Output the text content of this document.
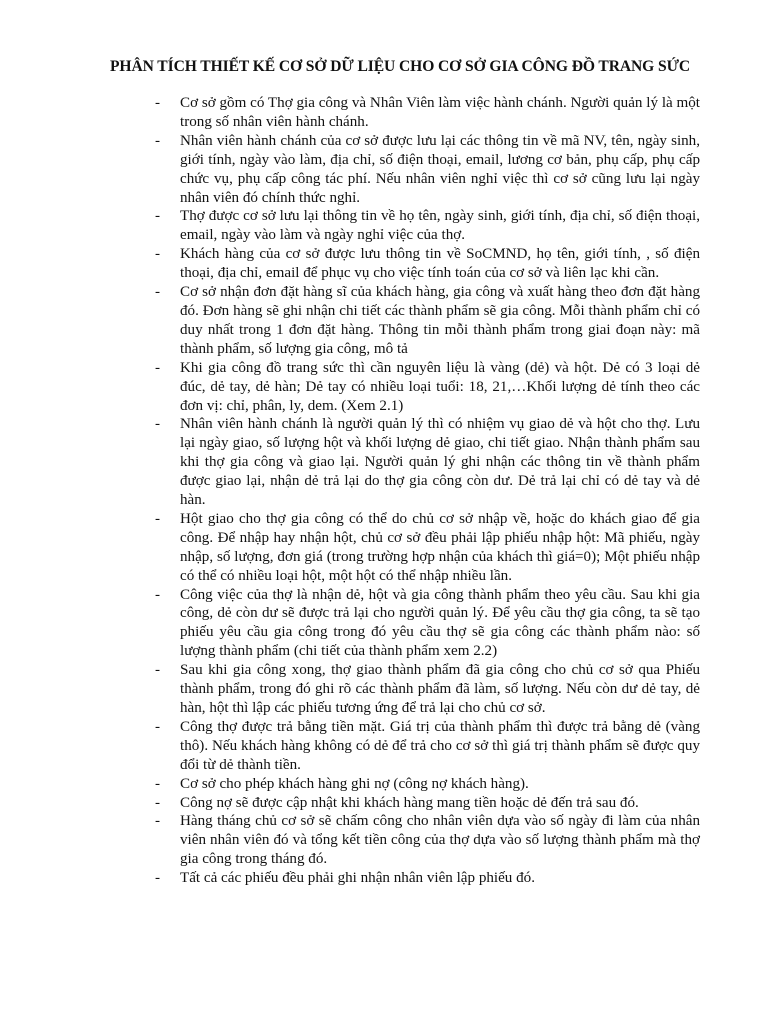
PHÂN TÍCH THIẾT KẾ CƠ SỞ DỮ LIỆU CHO CƠ SỞ GIA CÔNG ĐỒ TRANG SỨC
-	Cơ sở gồm có Thợ gia công và Nhân Viên làm việc hành chánh. Người quản lý là một trong số nhân viên hành chánh.
-	Nhân viên hành chánh của cơ sở được lưu lại các thông tin về mã NV, tên, ngày sinh, giới tính, ngày vào làm, địa chỉ, số điện thoại, email, lương cơ bản, phụ cấp, phụ cấp chức vụ, phụ cấp công tác phí. Nếu nhân viên nghỉ việc thì cơ sở cũng lưu lại ngày nhân viên đó chính thức nghỉ.
-	Thợ được cơ sở lưu lại thông tin về họ tên, ngày sinh, giới tính, địa chỉ, số điện thoại, email, ngày vào làm và ngày nghỉ việc của thợ.
-	Khách hàng của cơ sở được lưu thông tin về SoCMND, họ tên, giới tính, , số điện thoại, địa chỉ, email để phục vụ cho việc tính toán của cơ sở và liên lạc khi cần.
-	Cơ sở nhận đơn đặt hàng sĩ của khách hàng, gia công và xuất hàng theo đơn đặt hàng đó. Đơn hàng sẽ ghi nhận chi tiết các thành phẩm sẽ gia công. Mỗi thành phẩm chỉ có duy nhất trong 1 đơn đặt hàng. Thông tin mỗi thành phẩm trong giai đoạn này: mã thành phẩm, số lượng gia công, mô tả
-	Khi gia công đồ trang sức thì cần nguyên liệu là vàng (dẻ) và hột. Dẻ có 3 loại dẻ đúc, dẻ tay, dẻ hàn; Dẻ tay có nhiều loại tuổi: 18, 21,…Khối lượng dẻ tính theo các đơn vị: chỉ, phân, ly, dem. (Xem 2.1)
-	Nhân viên hành chánh là người quản lý thì có nhiệm vụ giao dẻ và hột cho thợ. Lưu lại ngày giao, số lượng hột và khối lượng dẻ giao, chi tiết giao. Nhận thành phẩm sau khi thợ gia công và giao lại. Người quản lý ghi nhận các thông tin về thành phẩm được giao lại, nhận dẻ trả lại do thợ gia công còn dư. Dẻ trả lại chỉ có dẻ tay và dẻ hàn.
-	Hột giao cho thợ gia công có thể do chủ cơ sở nhập về, hoặc do khách giao để gia công. Để nhập hay nhận hột, chủ cơ sở đều phải lập phiếu nhập hột: Mã phiếu, ngày nhập, số lượng, đơn giá (trong trường hợp nhận của khách thì giá=0); Một phiếu nhập có thể có nhiều loại hột, một hột có thể nhập nhiều lần.
-	Công việc của thợ là nhận dẻ, hột và gia công thành phẩm theo yêu cầu. Sau khi gia công, dẻ còn dư sẽ được trả lại cho người quản lý. Để yêu cầu thợ gia công, ta sẽ tạo phiếu yêu cầu gia công trong đó yêu cầu thợ sẽ gia công các thành phẩm nào: số lượng thành phẩm (chi tiết của thành phẩm xem 2.2)
-	Sau khi gia công xong, thợ giao thành phẩm đã gia công cho chủ cơ sở qua Phiếu thành phẩm, trong đó ghi rõ các thành phẩm đã làm, số lượng. Nếu còn dư dẻ tay, dẻ hàn, hột thì lập các phiếu tương ứng để trả lại cho chủ cơ sở.
-	Công thợ được trả bằng tiền mặt. Giá trị của thành phẩm thì được trả bằng dẻ (vàng thô). Nếu khách hàng không có dẻ để trả cho cơ sở thì giá trị thành phẩm sẽ được quy đổi từ dẻ thành tiền.
-	Cơ sở cho phép khách hàng ghi nợ (công nợ khách hàng).
-	Công nợ sẽ được cập nhật khi khách hàng mang tiền hoặc dẻ đến trả sau đó.
-	Hàng tháng chủ cơ sở sẽ chấm công cho nhân viên dựa vào số ngày đi làm của nhân viên nhân viên đó và tổng kết tiền công của thợ dựa vào số lượng thành phẩm mà thợ gia công trong tháng đó.
-	Tất cả các phiếu đều phải ghi nhận nhân viên lập phiếu đó.
